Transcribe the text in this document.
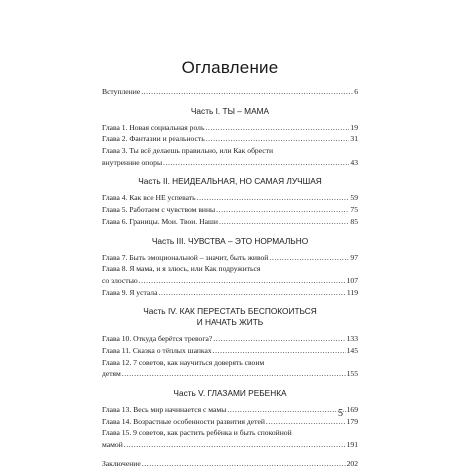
Оглавление
Вступление .....	6
Часть I. ТЫ – МАМА
Глава 1. Новая социальная роль .....	19
Глава 2. Фантазии и реальность .....	31
Глава 3. Ты всё делаешь правильно, или Как обрести
внутренние опоры .....	43
Часть II. НЕИДЕАЛЬНАЯ, НО САМАЯ ЛУЧШАЯ
Глава 4. Как все НЕ успевать .....	59
Глава 5. Работаем с чувством вины .....	75
Глава 6. Границы. Мои. Твои. Наши .....	85
Часть III. ЧУВСТВА – ЭТО НОРМАЛЬНО
Глава 7. Быть эмоциональной – значит, быть живой .....	97
Глава 8. Я мама, и я злюсь, или Как подружиться
со злостью .....	107
Глава 9. Я устала .....	119
Часть IV. КАК ПЕРЕСТАТЬ БЕСПОКОИТЬСЯ
И НАЧАТЬ ЖИТЬ
Глава 10. Откуда берётся тревога? .....	133
Глава 11. Сказка о тёплых шапках .....	145
Глава 12. 7 советов, как научиться доверять своим
детям .....	155
Часть V. ГЛАЗАМИ РЕБЕНКА
Глава 13. Весь мир начинается с мамы .....	169
Глава 14. Возрастные особенности развития детей .....	179
Глава 15. 9 советов, как растить ребёнка и быть спокойной
мамой .....	191
Заключение .....	202
5
